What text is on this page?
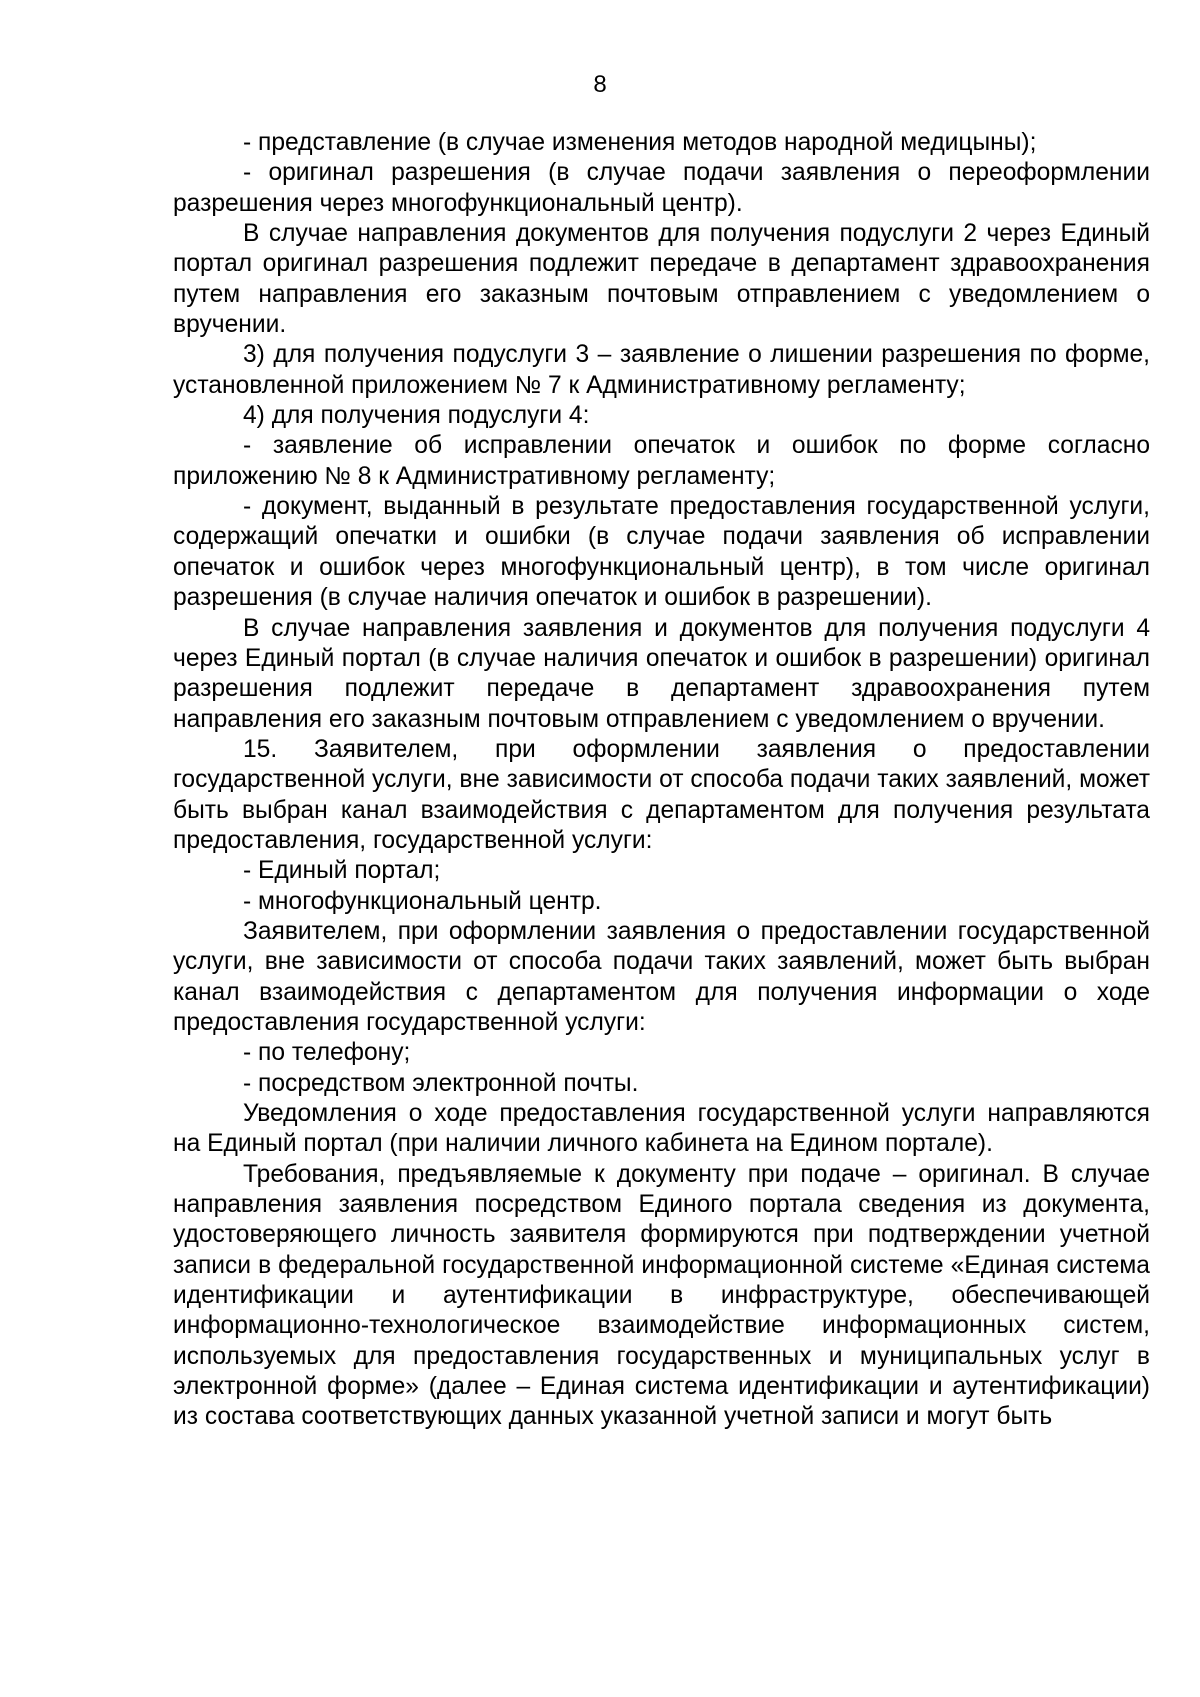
8

- представление (в случае изменения методов народной медицыны);

- оригинал разрешения (в случае подачи заявления о переоформлении разрешения через многофункциональный центр).

В случае направления документов для получения подуслуги 2 через Единый портал оригинал разрешения подлежит передаче в департамент здравоохранения путем направления его заказным почтовым отправлением с уведомлением о вручении.

3) для получения подуслуги 3 – заявление о лишении разрешения по форме, установленной приложением № 7 к Административному регламенту;

4) для получения подуслуги 4:

- заявление об исправлении опечаток и ошибок по форме согласно приложению № 8 к Административному регламенту;

- документ, выданный в результате предоставления государственной услуги, содержащий опечатки и ошибки (в случае подачи заявления об исправлении опечаток и ошибок через многофункциональный центр), в том числе оригинал разрешения (в случае наличия опечаток и ошибок в разрешении).

В случае направления заявления и документов для получения подуслуги 4 через Единый портал (в случае наличия опечаток и ошибок в разрешении) оригинал разрешения подлежит передаче в департамент здравоохранения путем направления его заказным почтовым отправлением с уведомлением о вручении.

15. Заявителем, при оформлении заявления о предоставлении государственной услуги, вне зависимости от способа подачи таких заявлений, может быть выбран канал взаимодействия с департаментом для получения результата предоставления, государственной услуги:

- Единый портал;

- многофункциональный центр.

Заявителем, при оформлении заявления о предоставлении государственной услуги, вне зависимости от способа подачи таких заявлений, может быть выбран канал взаимодействия с департаментом для получения информации о ходе предоставления государственной услуги:

- по телефону;

- посредством электронной почты.

Уведомления о ходе предоставления государственной услуги направляются на Единый портал (при наличии личного кабинета на Едином портале).

Требования, предъявляемые к документу при подаче – оригинал. В случае направления заявления посредством Единого портала сведения из документа, удостоверяющего личность заявителя формируются при подтверждении учетной записи в федеральной государственной информационной системе «Единая система идентификации и аутентификации в инфраструктуре, обеспечивающей информационно-технологическое взаимодействие информационных систем, используемых для предоставления государственных и муниципальных услуг в электронной форме» (далее – Единая система идентификации и аутентификации) из состава соответствующих данных указанной учетной записи и могут быть
